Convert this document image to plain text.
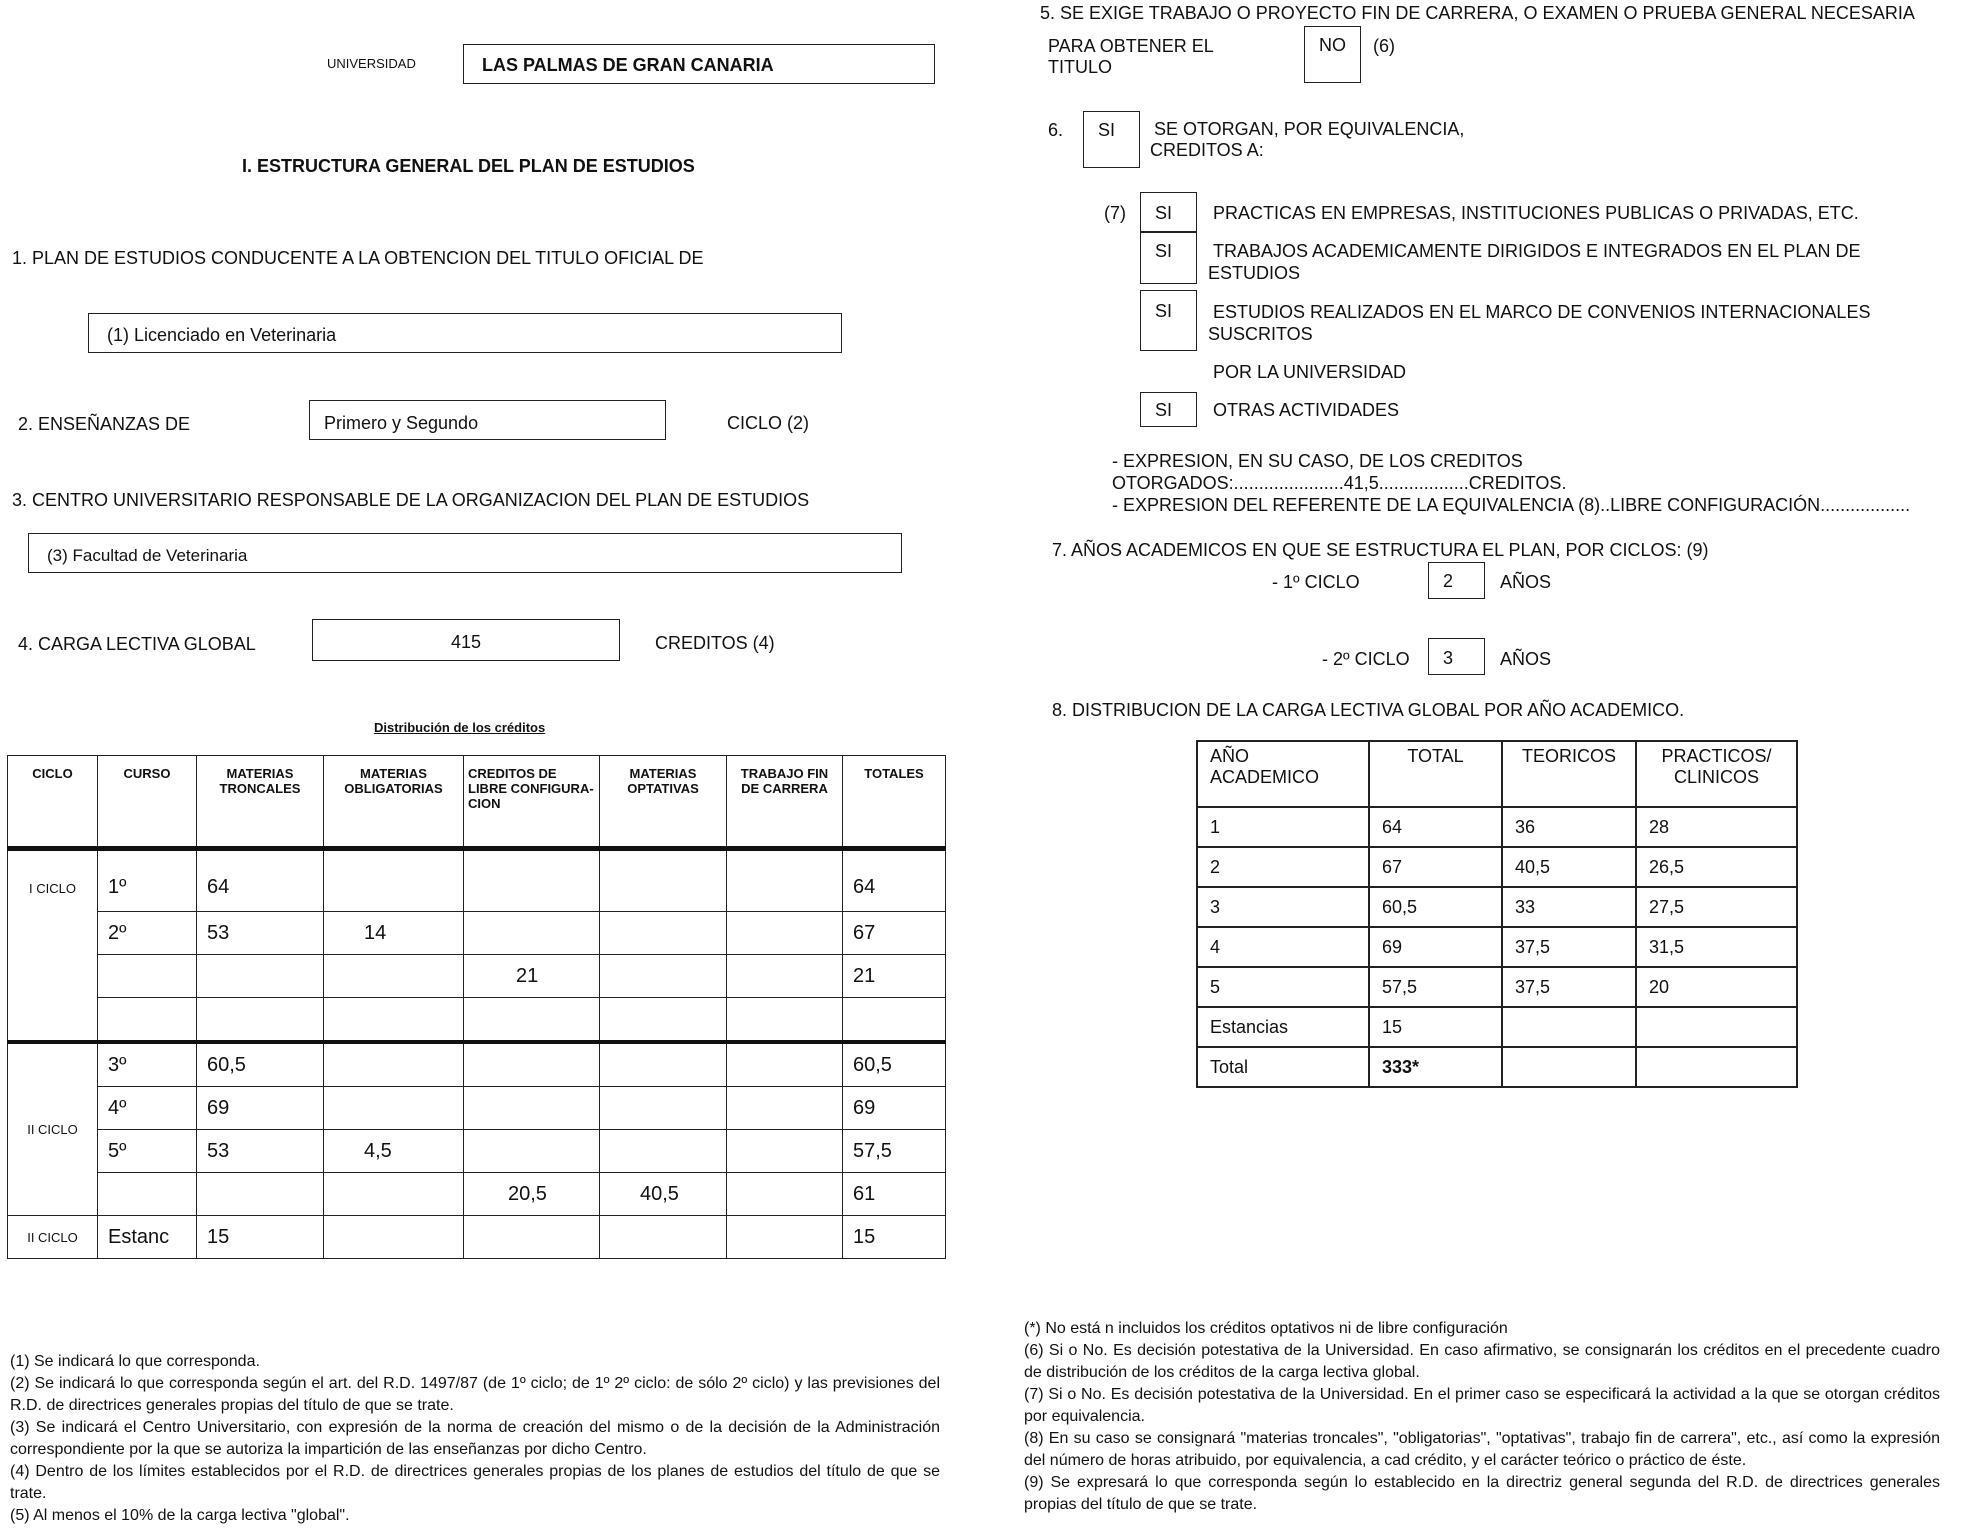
UNIVERSIDAD	LAS PALMAS DE GRAN CANARIA
I. ESTRUCTURA GENERAL DEL PLAN DE ESTUDIOS
1. PLAN DE ESTUDIOS CONDUCENTE A LA OBTENCION DEL TITULO OFICIAL DE
(1) Licenciado en Veterinaria
2. ENSEÑANZAS DE	Primero y Segundo	CICLO (2)
3. CENTRO UNIVERSITARIO RESPONSABLE DE LA ORGANIZACION DEL PLAN DE ESTUDIOS
(3) Facultad de Veterinaria
4. CARGA LECTIVA GLOBAL	415	CREDITOS (4)
Distribución de los créditos
CICLO	CURSO	MATERIAS TRONCALES	MATERIAS OBLIGATORIAS	CREDITOS DE LIBRE CONFIGURA- CION	MATERIAS OPTATIVAS	TRABAJO FIN DE CARRERA	TOTALES
I CICLO	1º	64					64
	2º	53	14				67
				21			21

II CICLO	3º	60,5					60,5
	4º	69					69
	5º	53	4,5				57,5
				20,5	40,5		61
II CICLO	Estanc	15					15
5. SE EXIGE TRABAJO O PROYECTO FIN DE CARRERA, O EXAMEN O PRUEBA GENERAL NECESARIA
PARA OBTENER EL
TITULO
NO (6)
6. SI SE OTORGAN, POR EQUIVALENCIA,
CREDITOS A:
(7) SI PRACTICAS EN EMPRESAS, INSTITUCIONES PUBLICAS O PRIVADAS, ETC.
SI TRABAJOS ACADEMICAMENTE DIRIGIDOS E INTEGRADOS EN EL PLAN DE
ESTUDIOS
SI ESTUDIOS REALIZADOS EN EL MARCO DE CONVENIOS INTERNACIONALES
SUSCRITOS
POR LA UNIVERSIDAD
SI OTRAS ACTIVIDADES
- EXPRESION, EN SU CASO, DE LOS CREDITOS
OTORGADOS:......................41,5..................CREDITOS.
- EXPRESION DEL REFERENTE DE LA EQUIVALENCIA (8)..LIBRE CONFIGURACIÓN..................
7. AÑOS ACADEMICOS EN QUE SE ESTRUCTURA EL PLAN, POR CICLOS: (9)
- 1º CICLO	2	AÑOS
- 2º CICLO 3	AÑOS
8. DISTRIBUCION DE LA CARGA LECTIVA GLOBAL POR AÑO ACADEMICO.
AÑO ACADEMICO	TOTAL	TEORICOS	PRACTICOS/ CLINICOS
1	64	36	28
2	67	40,5	26,5
3	60,5	33	27,5
4	69	37,5	31,5
5	57,5	37,5	20
Estancias	15		
Total	333*		
(1) Se indicará lo que corresponda.
(2) Se indicará lo que corresponda según el art. del R.D. 1497/87 (de 1º ciclo; de 1º 2º ciclo: de sólo 2º ciclo) y las previsiones del R.D. de directrices generales propias del título de que se trate.
(3) Se indicará el Centro Universitario, con expresión de la norma de creación del mismo o de la decisión de la Administración correspondiente por la que se autoriza la impartición de las enseñanzas por dicho Centro.
(4) Dentro de los límites establecidos por el R.D. de directrices generales propias de los planes de estudios del título de que se trate.
(5) Al menos el 10% de la carga lectiva "global".
(*) No está n incluidos los créditos optativos ni de libre configuración
(6) Si o No. Es decisión potestativa de la Universidad. En caso afirmativo, se consignarán los créditos en el precedente cuadro de distribución de los créditos de la carga lectiva global.
(7) Si o No. Es decisión potestativa de la Universidad. En el primer caso se especificará la actividad a la que se otorgan créditos por equivalencia.
(8) En su caso se consignará "materias troncales", "obligatorias", "optativas", trabajo fin de carrera", etc., así como la expresión del número de horas atribuido, por equivalencia, a cad crédito, y el carácter teórico o práctico de éste.
(9) Se expresará lo que corresponda según lo establecido en la directriz general segunda del R.D. de directrices generales propias del título de que se trate.
